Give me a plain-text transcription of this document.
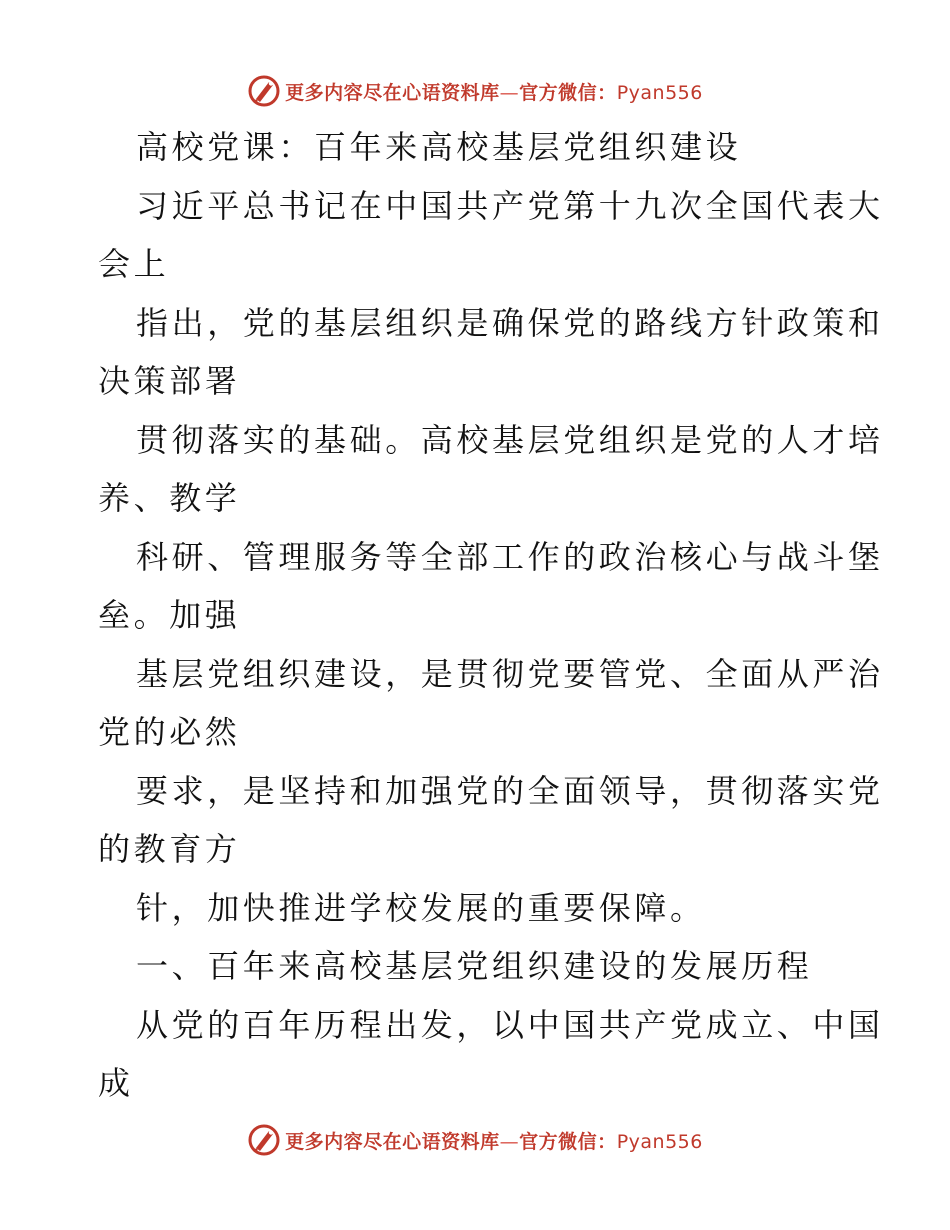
更多内容尽在心语资料库—官方微信：Pyan556
高校党课：百年来高校基层党组织建设
习近平总书记在中国共产党第十九次全国代表大
会上
指出，党的基层组织是确保党的路线方针政策和
决策部署
贯彻落实的基础。高校基层党组织是党的人才培
养、教学
科研、管理服务等全部工作的政治核心与战斗堡
垒。加强
基层党组织建设，是贯彻党要管党、全面从严治
党的必然
要求，是坚持和加强党的全面领导，贯彻落实党
的教育方
针，加快推进学校发展的重要保障。
一、百年来高校基层党组织建设的发展历程
从党的百年历程出发，以中国共产党成立、中国
成
更多内容尽在心语资料库—官方微信：Pyan556
